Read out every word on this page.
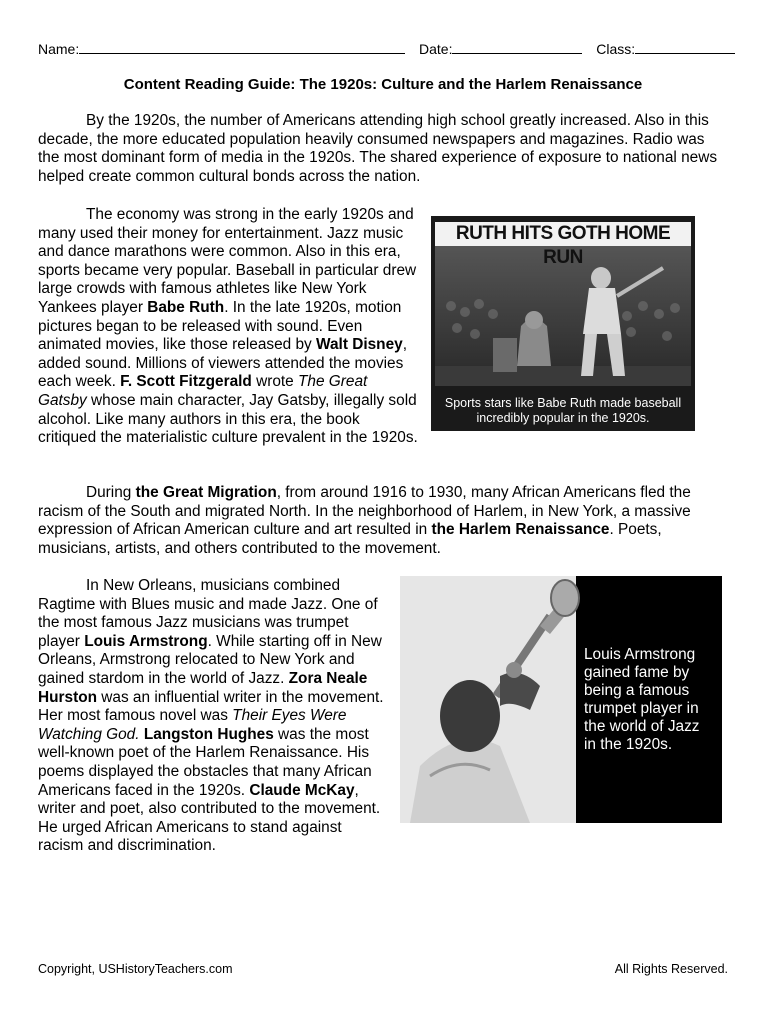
Name:	Date:	Class:
Content Reading Guide: The 1920s: Culture and the Harlem Renaissance

By the 1920s, the number of Americans attending high school greatly increased. Also in this decade, the more educated population heavily consumed newspapers and magazines. Radio was the most dominant form of media in the 1920s. The shared experience of exposure to national news helped create common cultural bonds across the nation.

The economy was strong in the early 1920s and many used their money for entertainment. Jazz music and dance marathons were common. Also in this era, sports became very popular. Baseball in particular drew large crowds with famous athletes like New York Yankees player Babe Ruth. In the late 1920s, motion pictures began to be released with sound. Even animated movies, like those released by Walt Disney, added sound. Millions of viewers attended the movies each week. F. Scott Fitzgerald wrote The Great Gatsby whose main character, Jay Gatsby, illegally sold alcohol. Like many authors in this era, the book critiqued the materialistic culture prevalent in the 1920s.

RUTH HITS GOTH HOME RUN
Sports stars like Babe Ruth made baseball
incredibly popular in the 1920s.

During the Great Migration, from around 1916 to 1930, many African Americans fled the racism of the South and migrated North. In the neighborhood of Harlem, in New York, a massive expression of African American culture and art resulted in the Harlem Renaissance. Poets, musicians, artists, and others contributed to the movement.

In New Orleans, musicians combined Ragtime with Blues music and made Jazz. One of the most famous Jazz musicians was trumpet player Louis Armstrong. While starting off in New Orleans, Armstrong relocated to New York and gained stardom in the world of Jazz. Zora Neale Hurston was an influential writer in the movement. Her most famous novel was Their Eyes Were Watching God. Langston Hughes was the most well-known poet of the Harlem Renaissance. His poems displayed the obstacles that many African Americans faced in the 1920s. Claude McKay, writer and poet, also contributed to the movement. He urged African Americans to stand against racism and discrimination.

Louis Armstrong
gained fame by
being a famous
trumpet player in
the world of Jazz
in the 1920s.
Copyright, USHistoryTeachers.com	All Rights Reserved.
